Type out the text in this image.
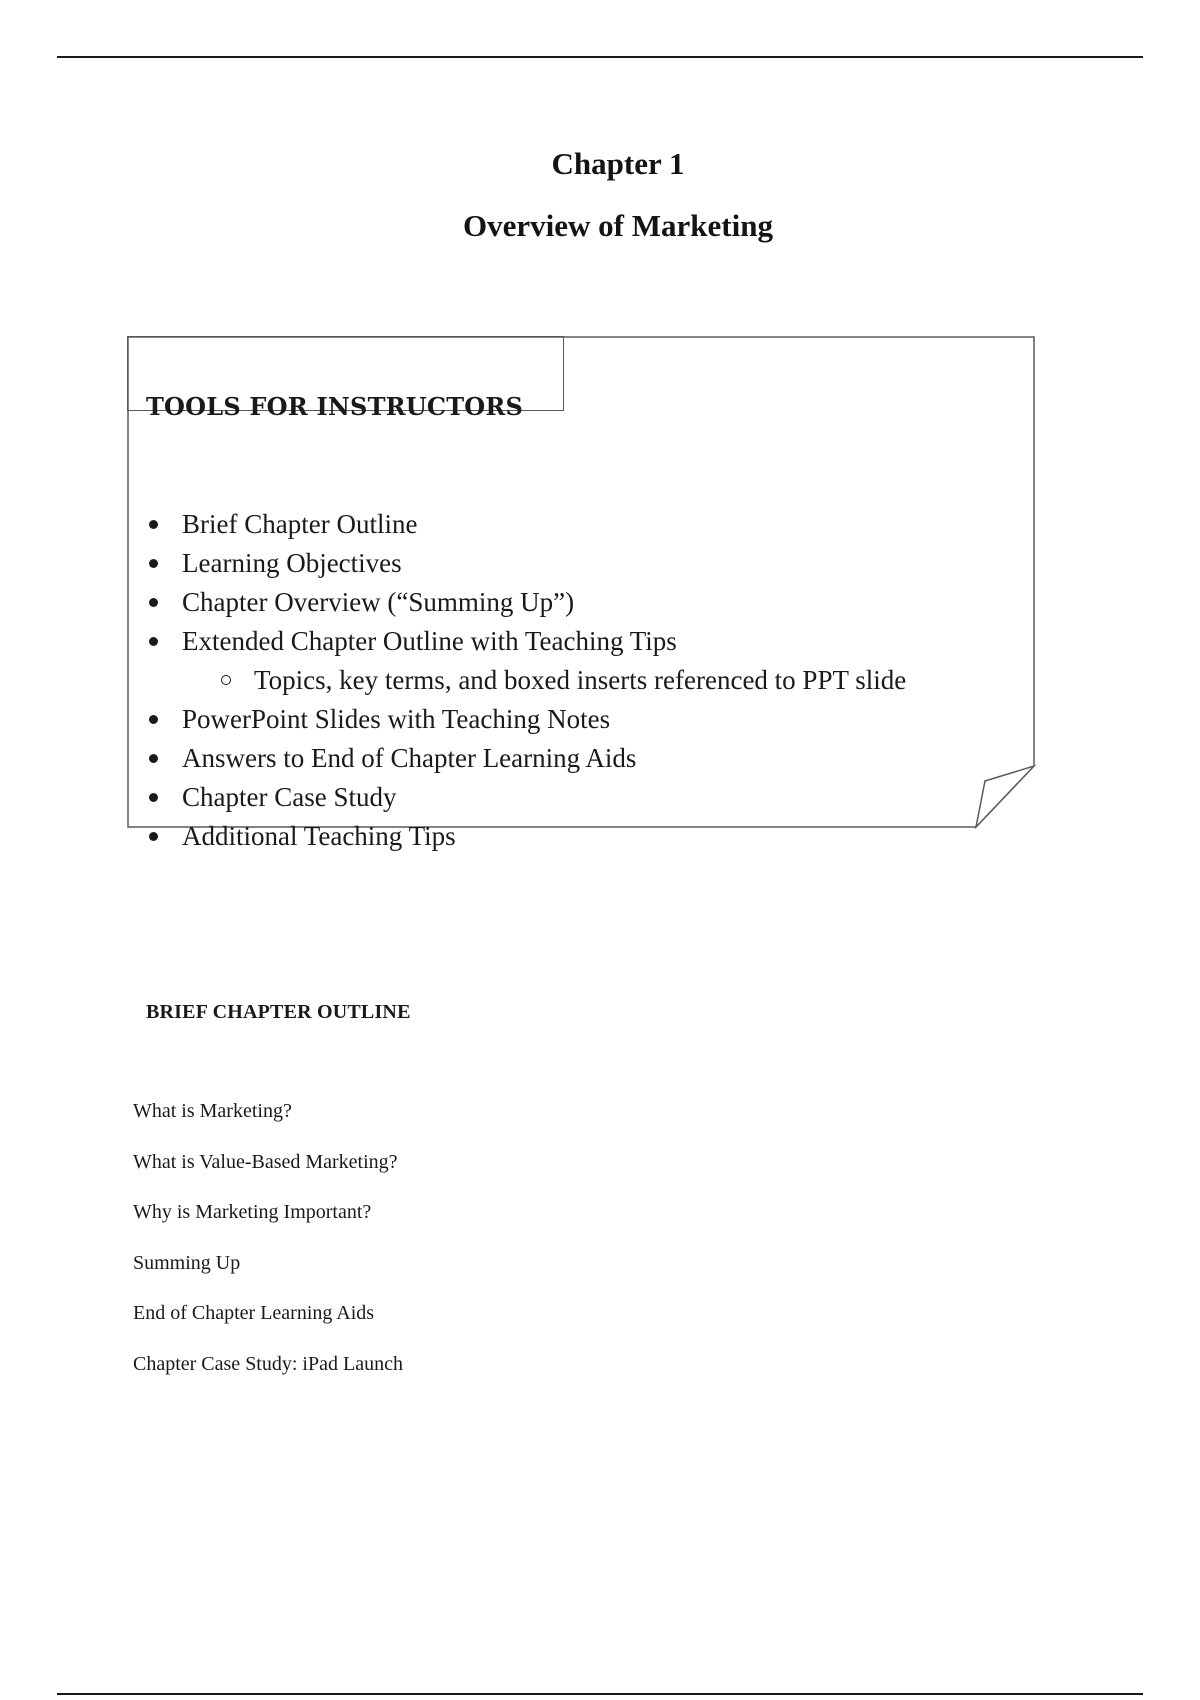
Chapter 1
Overview of Marketing
TOOLS FOR INSTRUCTORS
Brief Chapter Outline
Learning Objectives
Chapter Overview (“Summing Up”)
Extended Chapter Outline with Teaching Tips
Topics, key terms, and boxed inserts referenced to PPT slide
PowerPoint Slides with Teaching Notes
Answers to End of Chapter Learning Aids
Chapter Case Study
Additional Teaching Tips
BRIEF CHAPTER OUTLINE
What is Marketing?
What is Value-Based Marketing?
Why is Marketing Important?
Summing Up
End of Chapter Learning Aids
Chapter Case Study: iPad Launch
